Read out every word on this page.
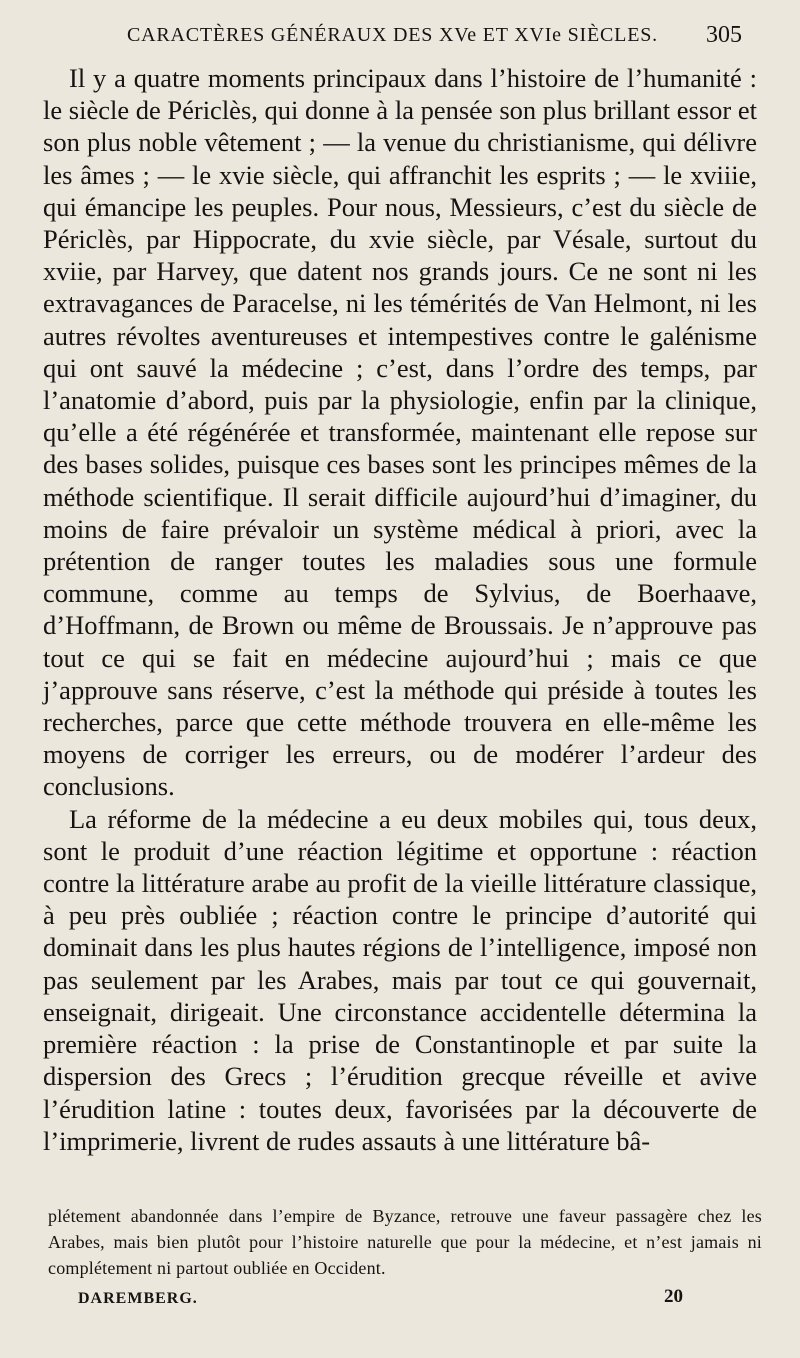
CARACTÈRES GÉNÉRAUX DES XVe ET XVIe SIÈCLES. 305

Il y a quatre moments principaux dans l’histoire de l’humanité : le siècle de Périclès, qui donne à la pensée son plus brillant essor et son plus noble vêtement ; — la venue du christianisme, qui délivre les âmes ; — le xvie siècle, qui affranchit les esprits ; — le xviiie, qui émancipe les peuples. Pour nous, Messieurs, c’est du siècle de Périclès, par Hippocrate, du xvie siècle, par Vésale, surtout du xviie, par Harvey, que datent nos grands jours. Ce ne sont ni les extravagances de Paracelse, ni les témérités de Van Helmont, ni les autres révoltes aventureuses et intempestives contre le galénisme qui ont sauvé la médecine ; c’est, dans l’ordre des temps, par l’anatomie d’abord, puis par la physiologie, enfin par la clinique, qu’elle a été régénérée et transformée, maintenant elle repose sur des bases solides, puisque ces bases sont les principes mêmes de la méthode scientifique. Il serait difficile aujourd’hui d’imaginer, du moins de faire prévaloir un système médical à priori, avec la prétention de ranger toutes les maladies sous une formule commune, comme au temps de Sylvius, de Boerhaave, d’Hoffmann, de Brown ou même de Broussais. Je n’approuve pas tout ce qui se fait en médecine aujourd’hui ; mais ce que j’approuve sans réserve, c’est la méthode qui préside à toutes les recherches, parce que cette méthode trouvera en elle-même les moyens de corriger les erreurs, ou de modérer l’ardeur des conclusions.

La réforme de la médecine a eu deux mobiles qui, tous deux, sont le produit d’une réaction légitime et opportune : réaction contre la littérature arabe au profit de la vieille littérature classique, à peu près oubliée ; réaction contre le principe d’autorité qui dominait dans les plus hautes régions de l’intelligence, imposé non pas seulement par les Arabes, mais par tout ce qui gouvernait, enseignait, dirigeait. Une circonstance accidentelle détermina la première réaction : la prise de Constantinople et par suite la dispersion des Grecs ; l’érudition grecque réveille et avive l’érudition latine : toutes deux, favorisées par la découverte de l’imprimerie, livrent de rudes assauts à une littérature bâ-

plétement abandonnée dans l’empire de Byzance, retrouve une faveur passagère chez les Arabes, mais bien plutôt pour l’histoire naturelle que pour la médecine, et n’est jamais ni complétement ni partout oubliée en Occident.
DAREMBERG.	20
